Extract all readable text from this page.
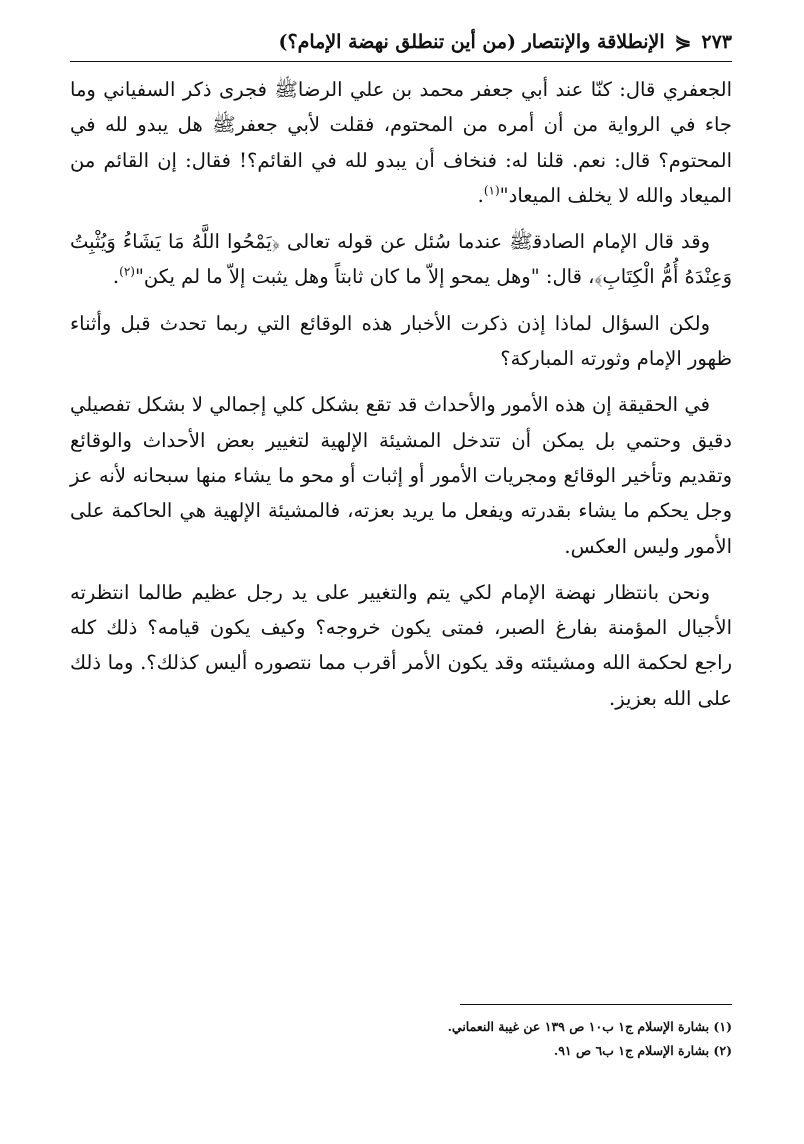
٢٧٣
⋞
الإنطلاقة والإنتصار (من أين تنطلق نهضة الإمام؟)

الجعفري قال: كنّا عند أبي جعفر محمد بن علي الرضا‍ﷺ فجرى ذكر السفياني وما جاء في الرواية من أن أمره من المحتوم، فقلت لأبي جعفر‍ﷺ هل يبدو لله في المحتوم؟ قال: نعم. قلنا له: فنخاف أن يبدو لله في القائم؟! فقال: إن القائم من الميعاد والله لا يخلف الميعاد"$^{(١)}$.

وقد قال الإمام الصادق‍ﷺ عندما سُئل عن قوله تعالى ﴿يَمْحُوا اللَّهُ مَا يَشَاءُ وَيُثْبِتُ وَعِنْدَهُ أُمُّ الْكِتَابِ﴾، قال: "وهل يمحو إلاّ ما كان ثابتاً وهل يثبت إلاّ ما لم يكن"$^{(٢)}$.

ولكن السؤال لماذا إذن ذكرت الأخبار هذه الوقائع التي ربما تحدث قبل وأثناء ظهور الإمام وثورته المباركة؟

في الحقيقة إن هذه الأمور والأحداث قد تقع بشكل كلي إجمالي لا بشكل تفصيلي دقيق وحتمي بل يمكن أن تتدخل المشيئة الإلهية لتغيير بعض الأحداث والوقائع وتقديم وتأخير الوقائع ومجريات الأمور أو إثبات أو محو ما يشاء منها سبحانه لأنه عز وجل يحكم ما يشاء بقدرته ويفعل ما يريد بعزته، فالمشيئة الإلهية هي الحاكمة على الأمور وليس العكس.

ونحن بانتظار نهضة الإمام لكي يتم والتغيير على يد رجل عظيم طالما انتظرته الأجيال المؤمنة بفارغ الصبر، فمتى يكون خروجه؟ وكيف يكون قيامه؟ ذلك كله راجع لحكمة الله ومشيئته وقد يكون الأمر أقرب مما نتصوره أليس كذلك؟. وما ذلك على الله بعزيز.

(١) بشارة الإسلام ج١ ب١٠ ص ١٣٩ عن غيبة النعماني.
(٢) بشارة الإسلام ج١ ب٦ ص ٩١.
